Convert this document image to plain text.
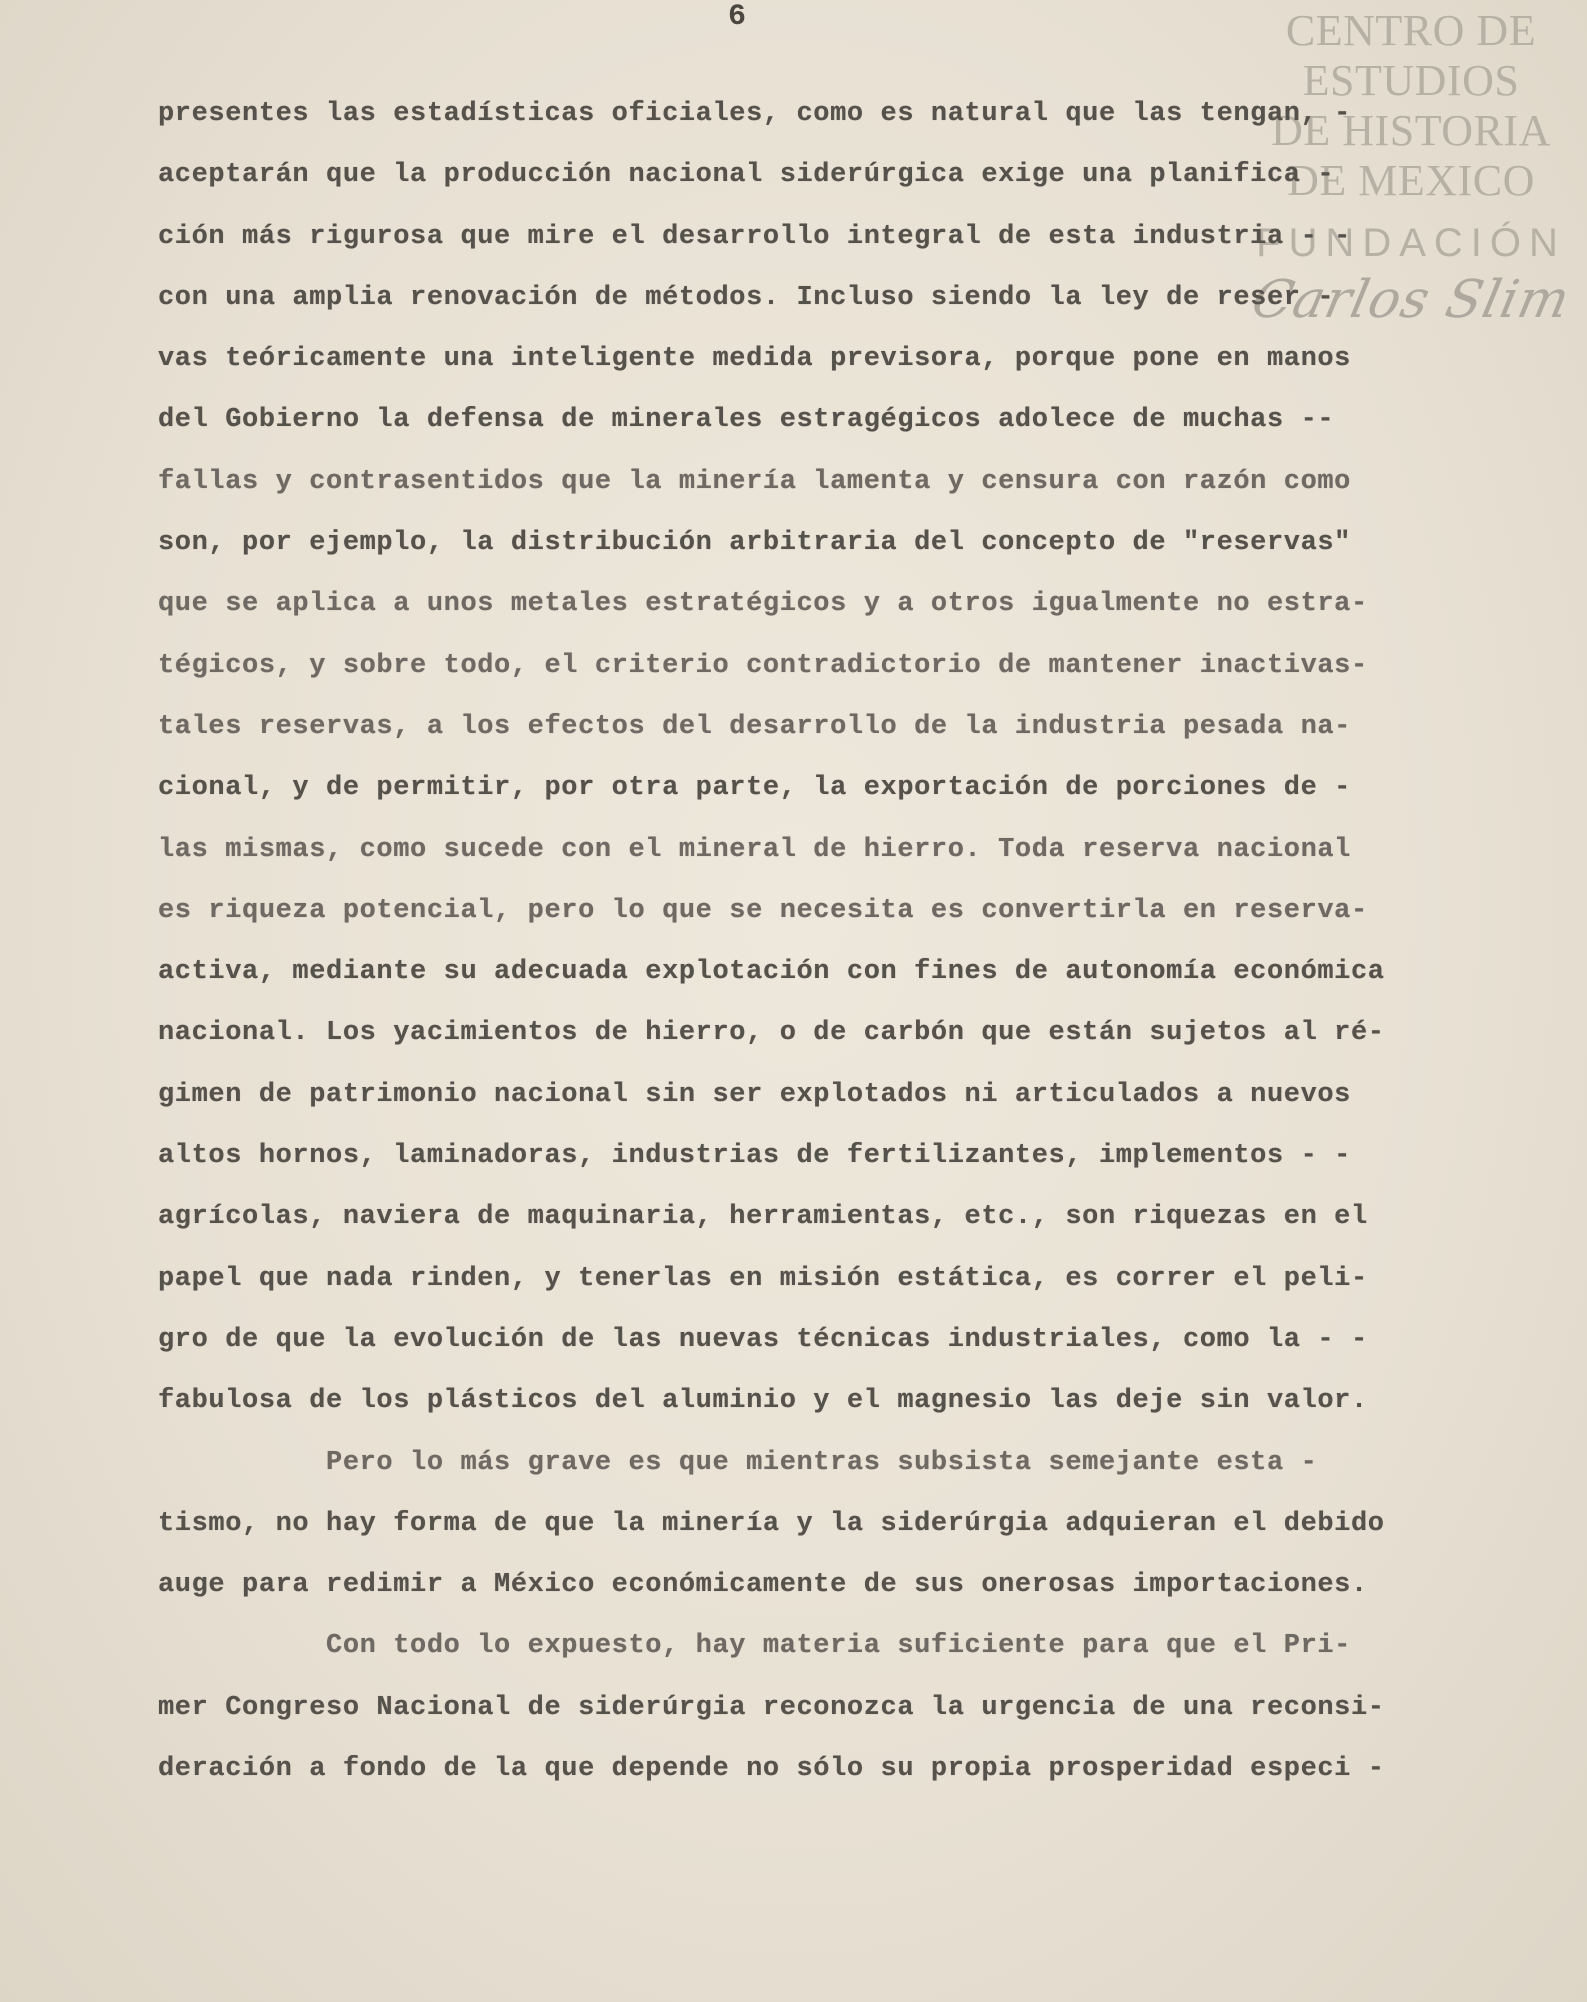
6	CENTRO DE
ESTUDIOS
DE HISTORIA
DE MEXICO
FUNDACIÓN
Carlos Slim
presentes las estadísticas oficiales, como es natural que las tengan, -
aceptarán que la producción nacional siderúrgica exige una planifica -
ción más rigurosa que mire el desarrollo integral de esta industria - -
con una amplia renovación de métodos. Incluso siendo la ley de reser -
vas teóricamente una inteligente medida previsora, porque pone en manos
del Gobierno la defensa de minerales estragégicos adolece de muchas --
fallas y contrasentidos que la minería lamenta y censura con razón como
son, por ejemplo, la distribución arbitraria del concepto de "reservas"
que se aplica a unos metales estratégicos y a otros igualmente no estra-
tégicos, y sobre todo, el criterio contradictorio de mantener inactivas-
tales reservas, a los efectos del desarrollo de la industria pesada na-
cional, y de permitir, por otra parte, la exportación de porciones de -
las mismas, como sucede con el mineral de hierro. Toda reserva nacional
es riqueza potencial, pero lo que se necesita es convertirla en reserva-
activa, mediante su adecuada explotación con fines de autonomía económica
nacional. Los yacimientos de hierro, o de carbón que están sujetos al ré-
gimen de patrimonio nacional sin ser explotados ni articulados a nuevos
altos hornos, laminadoras, industrias de fertilizantes, implementos - -
agrícolas, naviera de maquinaria, herramientas, etc., son riquezas en el
papel que nada rinden, y tenerlas en misión estática, es correr el peli-
gro de que la evolución de las nuevas técnicas industriales, como la - -
fabulosa de los plásticos del aluminio y el magnesio las deje sin valor.
Pero lo más grave es que mientras subsista semejante esta -
tismo, no hay forma de que la minería y la siderúrgia adquieran el debido
auge para redimir a México económicamente de sus onerosas importaciones.
Con todo lo expuesto, hay materia suficiente para que el Pri-
mer Congreso Nacional de siderúrgia reconozca la urgencia de una reconsi-
deración a fondo de la que depende no sólo su propia prosperidad especi -
